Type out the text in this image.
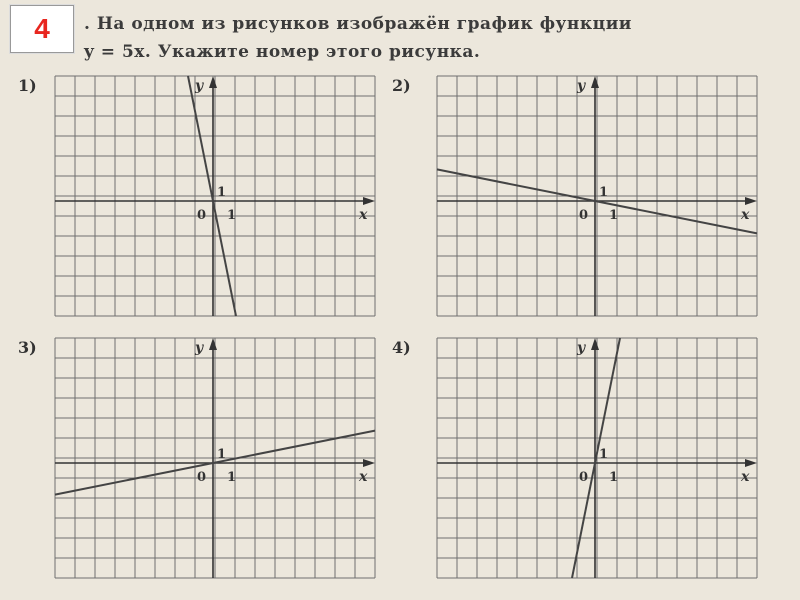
4	. На одном из рисунков изображён график функции
y = 5x. Укажите номер этого рисунка.
1)	2)
3)	4)
y
x
0 1
1
y
x
0 1
1
y
x
0 1
1
y
x
0 1
1
